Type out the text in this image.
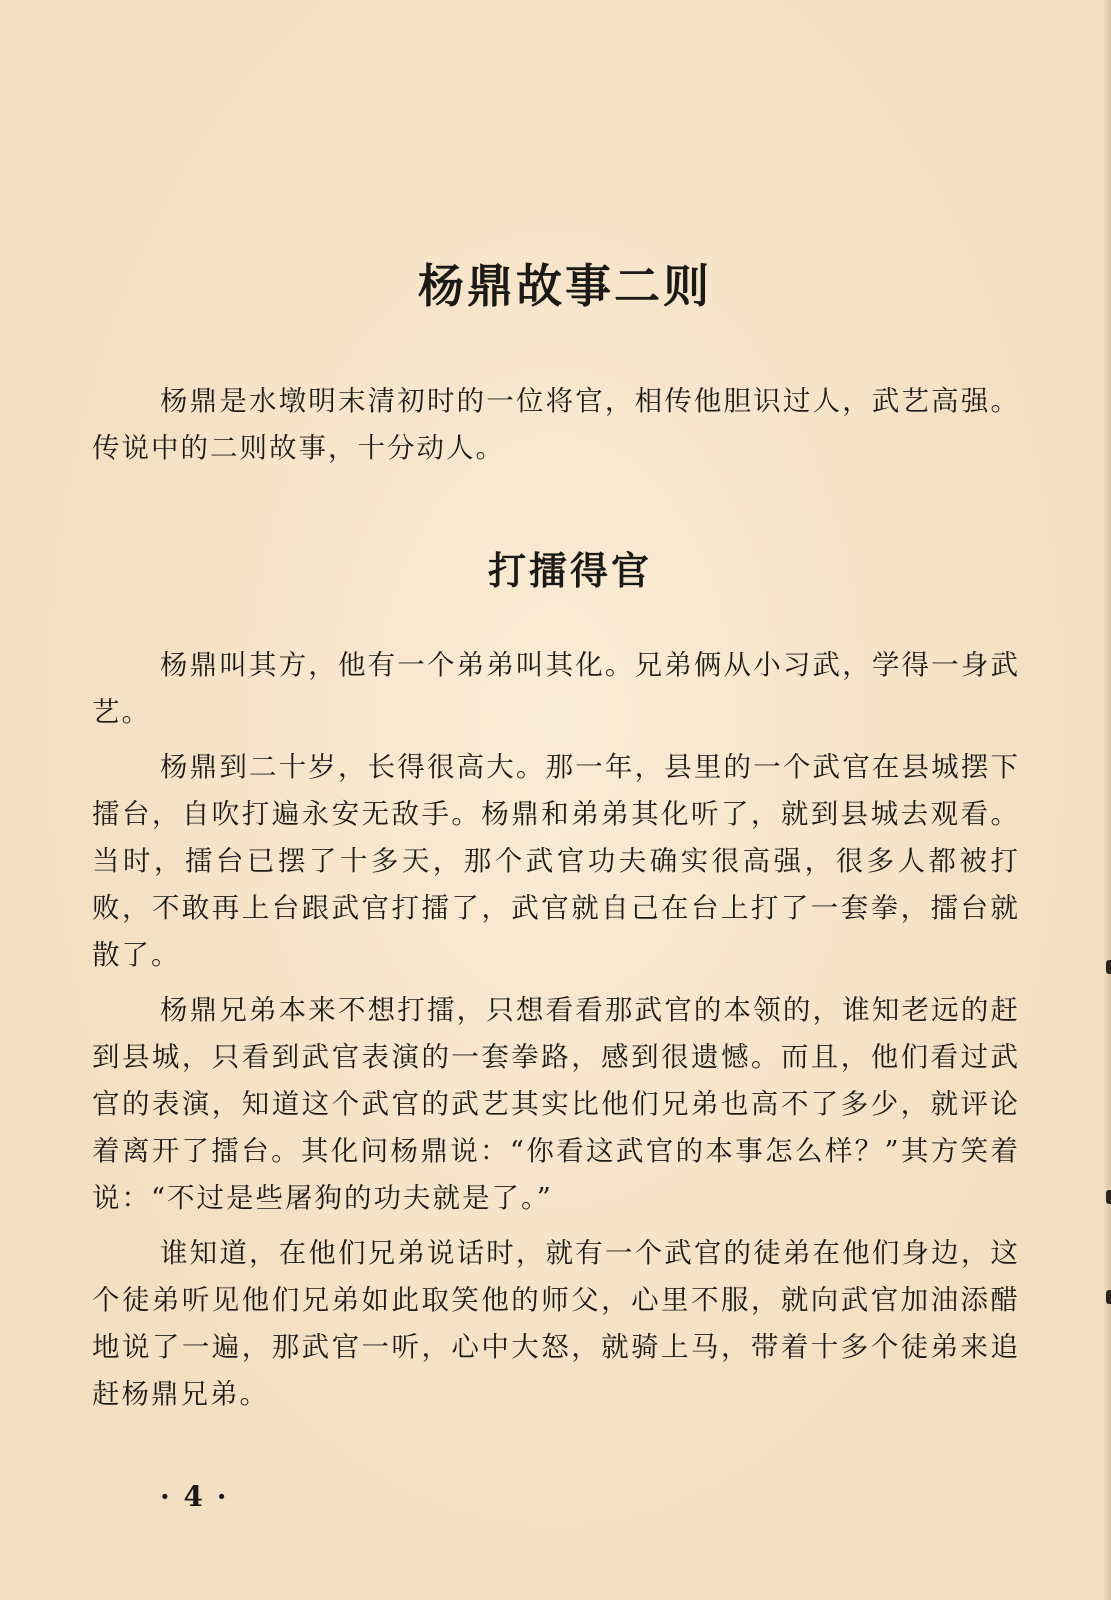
杨鼎故事二则

杨鼎是水墩明末清初时的一位将官，相传他胆识过人，武艺高强。传说中的二则故事，十分动人。

打擂得官

杨鼎叫其方，他有一个弟弟叫其化。兄弟俩从小习武，学得一身武艺。

杨鼎到二十岁，长得很高大。那一年，县里的一个武官在县城摆下擂台，自吹打遍永安无敌手。杨鼎和弟弟其化听了，就到县城去观看。当时，擂台已摆了十多天，那个武官功夫确实很高强，很多人都被打败，不敢再上台跟武官打擂了，武官就自己在台上打了一套拳，擂台就散了。

杨鼎兄弟本来不想打擂，只想看看那武官的本领的，谁知老远的赶到县城，只看到武官表演的一套拳路，感到很遗憾。而且，他们看过武官的表演，知道这个武官的武艺其实比他们兄弟也高不了多少，就评论着离开了擂台。其化问杨鼎说：“你看这武官的本事怎么样？”其方笑着说：“不过是些屠狗的功夫就是了。”

谁知道，在他们兄弟说话时，就有一个武官的徒弟在他们身边，这个徒弟听见他们兄弟如此取笑他的师父，心里不服，就向武官加油添醋地说了一遍，那武官一听，心中大怒，就骑上马，带着十多个徒弟来追赶杨鼎兄弟。

· 4 ·
